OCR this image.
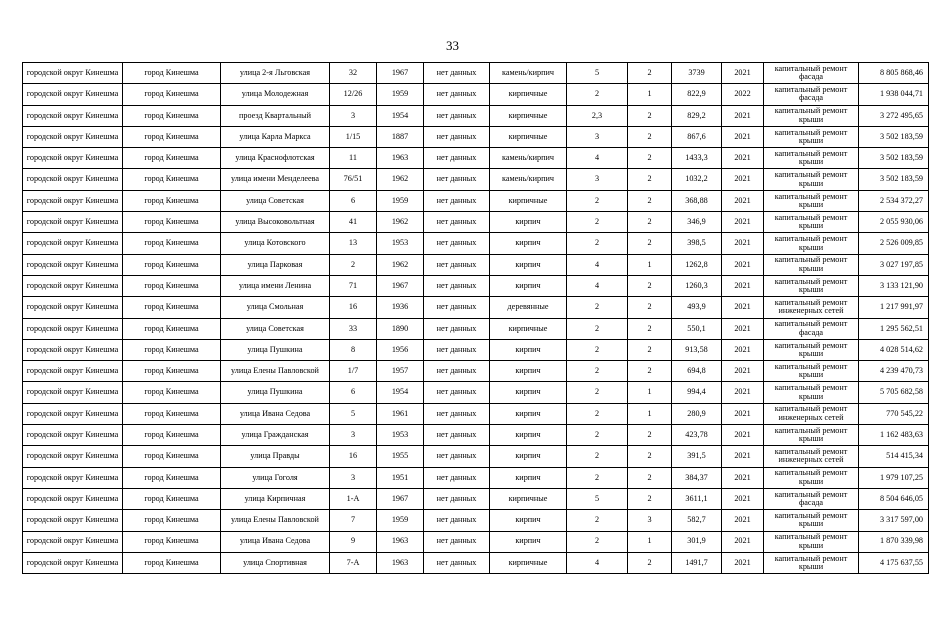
33
городской округ Кинешма	город Кинешма	улица 2-я Льговская	32	1967	нет данных	камень/кирпич	5	2	3739	2021	капитальный ремонт фасада	8 805 868,46
городской округ Кинешма	город Кинешма	улица Молодежная	12/26	1959	нет данных	кирпичные	2	1	822,9	2022	капитальный ремонт фасада	1 938 044,71
городской округ Кинешма	город Кинешма	проезд Квартальный	3	1954	нет данных	кирпичные	2,3	2	829,2	2021	капитальный ремонт крыши	3 272 495,65
городской округ Кинешма	город Кинешма	улица Карла Маркса	1/15	1887	нет данных	кирпичные	3	2	867,6	2021	капитальный ремонт крыши	3 502 183,59
городской округ Кинешма	город Кинешма	улица Краснофлотская	11	1963	нет данных	камень/кирпич	4	2	1433,3	2021	капитальный ремонт крыши	3 502 183,59
городской округ Кинешма	город Кинешма	улица имени Менделеева	76/51	1962	нет данных	камень/кирпич	3	2	1032,2	2021	капитальный ремонт крыши	3 502 183,59
городской округ Кинешма	город Кинешма	улица Советская	6	1959	нет данных	кирпичные	2	2	368,88	2021	капитальный ремонт крыши	2 534 372,27
городской округ Кинешма	город Кинешма	улица Высоковольтная	41	1962	нет данных	кирпич	2	2	346,9	2021	капитальный ремонт крыши	2 055 930,06
городской округ Кинешма	город Кинешма	улица Котовского	13	1953	нет данных	кирпич	2	2	398,5	2021	капитальный ремонт крыши	2 526 009,85
городской округ Кинешма	город Кинешма	улица Парковая	2	1962	нет данных	кирпич	4	1	1262,8	2021	капитальный ремонт крыши	3 027 197,85
городской округ Кинешма	город Кинешма	улица имени Ленина	71	1967	нет данных	кирпич	4	2	1260,3	2021	капитальный ремонт крыши	3 133 121,90
городской округ Кинешма	город Кинешма	улица Смольная	16	1936	нет данных	деревянные	2	2	493,9	2021	капитальный ремонт инженерных сетей	1 217 991,97
городской округ Кинешма	город Кинешма	улица Советская	33	1890	нет данных	кирпичные	2	2	550,1	2021	капитальный ремонт фасада	1 295 562,51
городской округ Кинешма	город Кинешма	улица Пушкина	8	1956	нет данных	кирпич	2	2	913,58	2021	капитальный ремонт крыши	4 028 514,62
городской округ Кинешма	город Кинешма	улица Елены Павловской	1/7	1957	нет данных	кирпич	2	2	694,8	2021	капитальный ремонт крыши	4 239 470,73
городской округ Кинешма	город Кинешма	улица Пушкина	6	1954	нет данных	кирпич	2	1	994,4	2021	капитальный ремонт крыши	5 705 682,58
городской округ Кинешма	город Кинешма	улица Ивана Седова	5	1961	нет данных	кирпич	2	1	280,9	2021	капитальный ремонт инженерных сетей	770 545,22
городской округ Кинешма	город Кинешма	улица Гражданская	3	1953	нет данных	кирпич	2	2	423,78	2021	капитальный ремонт крыши	1 162 483,63
городской округ Кинешма	город Кинешма	улица Правды	16	1955	нет данных	кирпич	2	2	391,5	2021	капитальный ремонт инженерных сетей	514 415,34
городской округ Кинешма	город Кинешма	улица Гоголя	3	1951	нет данных	кирпич	2	2	384,37	2021	капитальный ремонт крыши	1 979 107,25
городской округ Кинешма	город Кинешма	улица Кирпичная	1-А	1967	нет данных	кирпичные	5	2	3611,1	2021	капитальный ремонт фасада	8 504 646,05
городской округ Кинешма	город Кинешма	улица Елены Павловской	7	1959	нет данных	кирпич	2	3	582,7	2021	капитальный ремонт крыши	3 317 597,00
городской округ Кинешма	город Кинешма	улица Ивана Седова	9	1963	нет данных	кирпич	2	1	301,9	2021	капитальный ремонт крыши	1 870 339,98
городской округ Кинешма	город Кинешма	улица Спортивная	7-А	1963	нет данных	кирпичные	4	2	1491,7	2021	капитальный ремонт крыши	4 175 637,55
